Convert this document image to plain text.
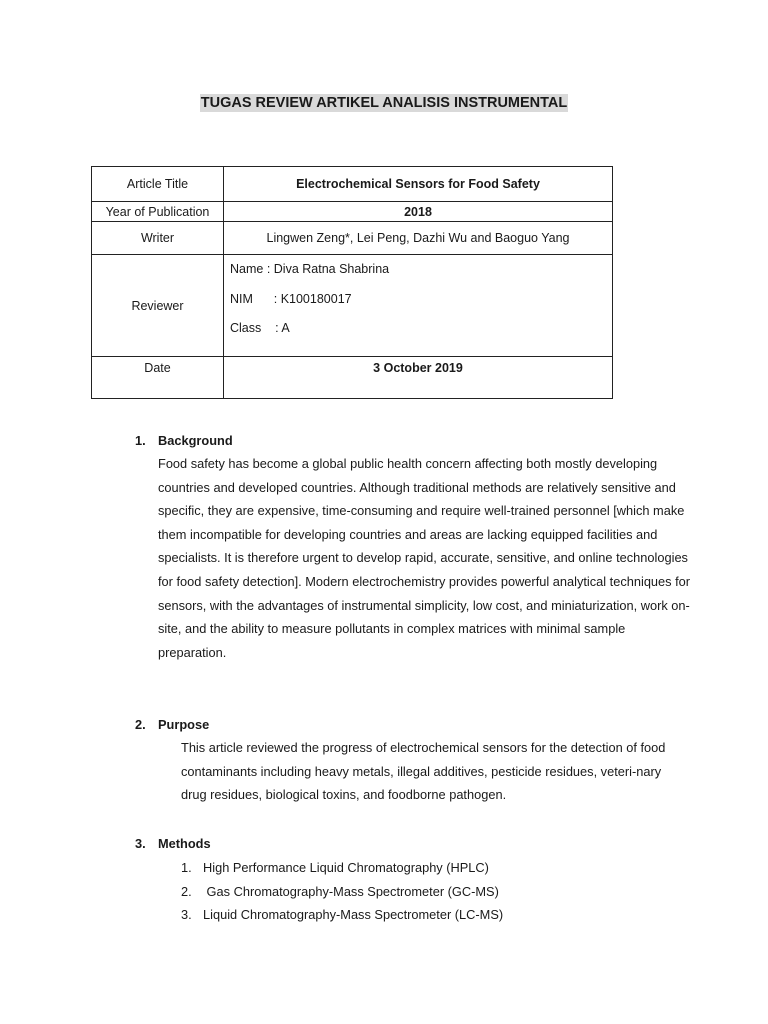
TUGAS REVIEW ARTIKEL ANALISIS INSTRUMENTAL
Article Title	Electrochemical Sensors for Food Safety
Year of Publication	2018
Writer	Lingwen Zeng*, Lei Peng, Dazhi Wu and Baoguo Yang
Reviewer	Name : Diva Ratna Shabrina
NIM      : K100180017
Class    : A

Date	3 October 2019
1. Background
Food safety has become a global public health concern affecting both mostly developing countries and developed countries. Although traditional methods are relatively sensitive and specific, they are expensive, time-consuming and require well-trained personnel [which make them incompatible for developing countries and areas are lacking equipped facilities and specialists. It is therefore urgent to develop rapid, accurate, sensitive, and online technologies for food safety detection]. Modern electrochemistry provides powerful analytical techniques for sensors, with the advantages of instrumental simplicity, low cost, and miniaturization, work on-site, and the ability to measure pollutants in complex matrices with minimal sample preparation.
2. Purpose
This article reviewed the progress of electrochemical sensors for the detection of food contaminants including heavy metals, illegal additives, pesticide residues, veteri-nary drug residues, biological toxins, and foodborne pathogen.
3. Methods
1. High Performance Liquid Chromatography (HPLC)
2. Gas Chromatography-Mass Spectrometer (GC-MS)
3. Liquid Chromatography-Mass Spectrometer (LC-MS)
